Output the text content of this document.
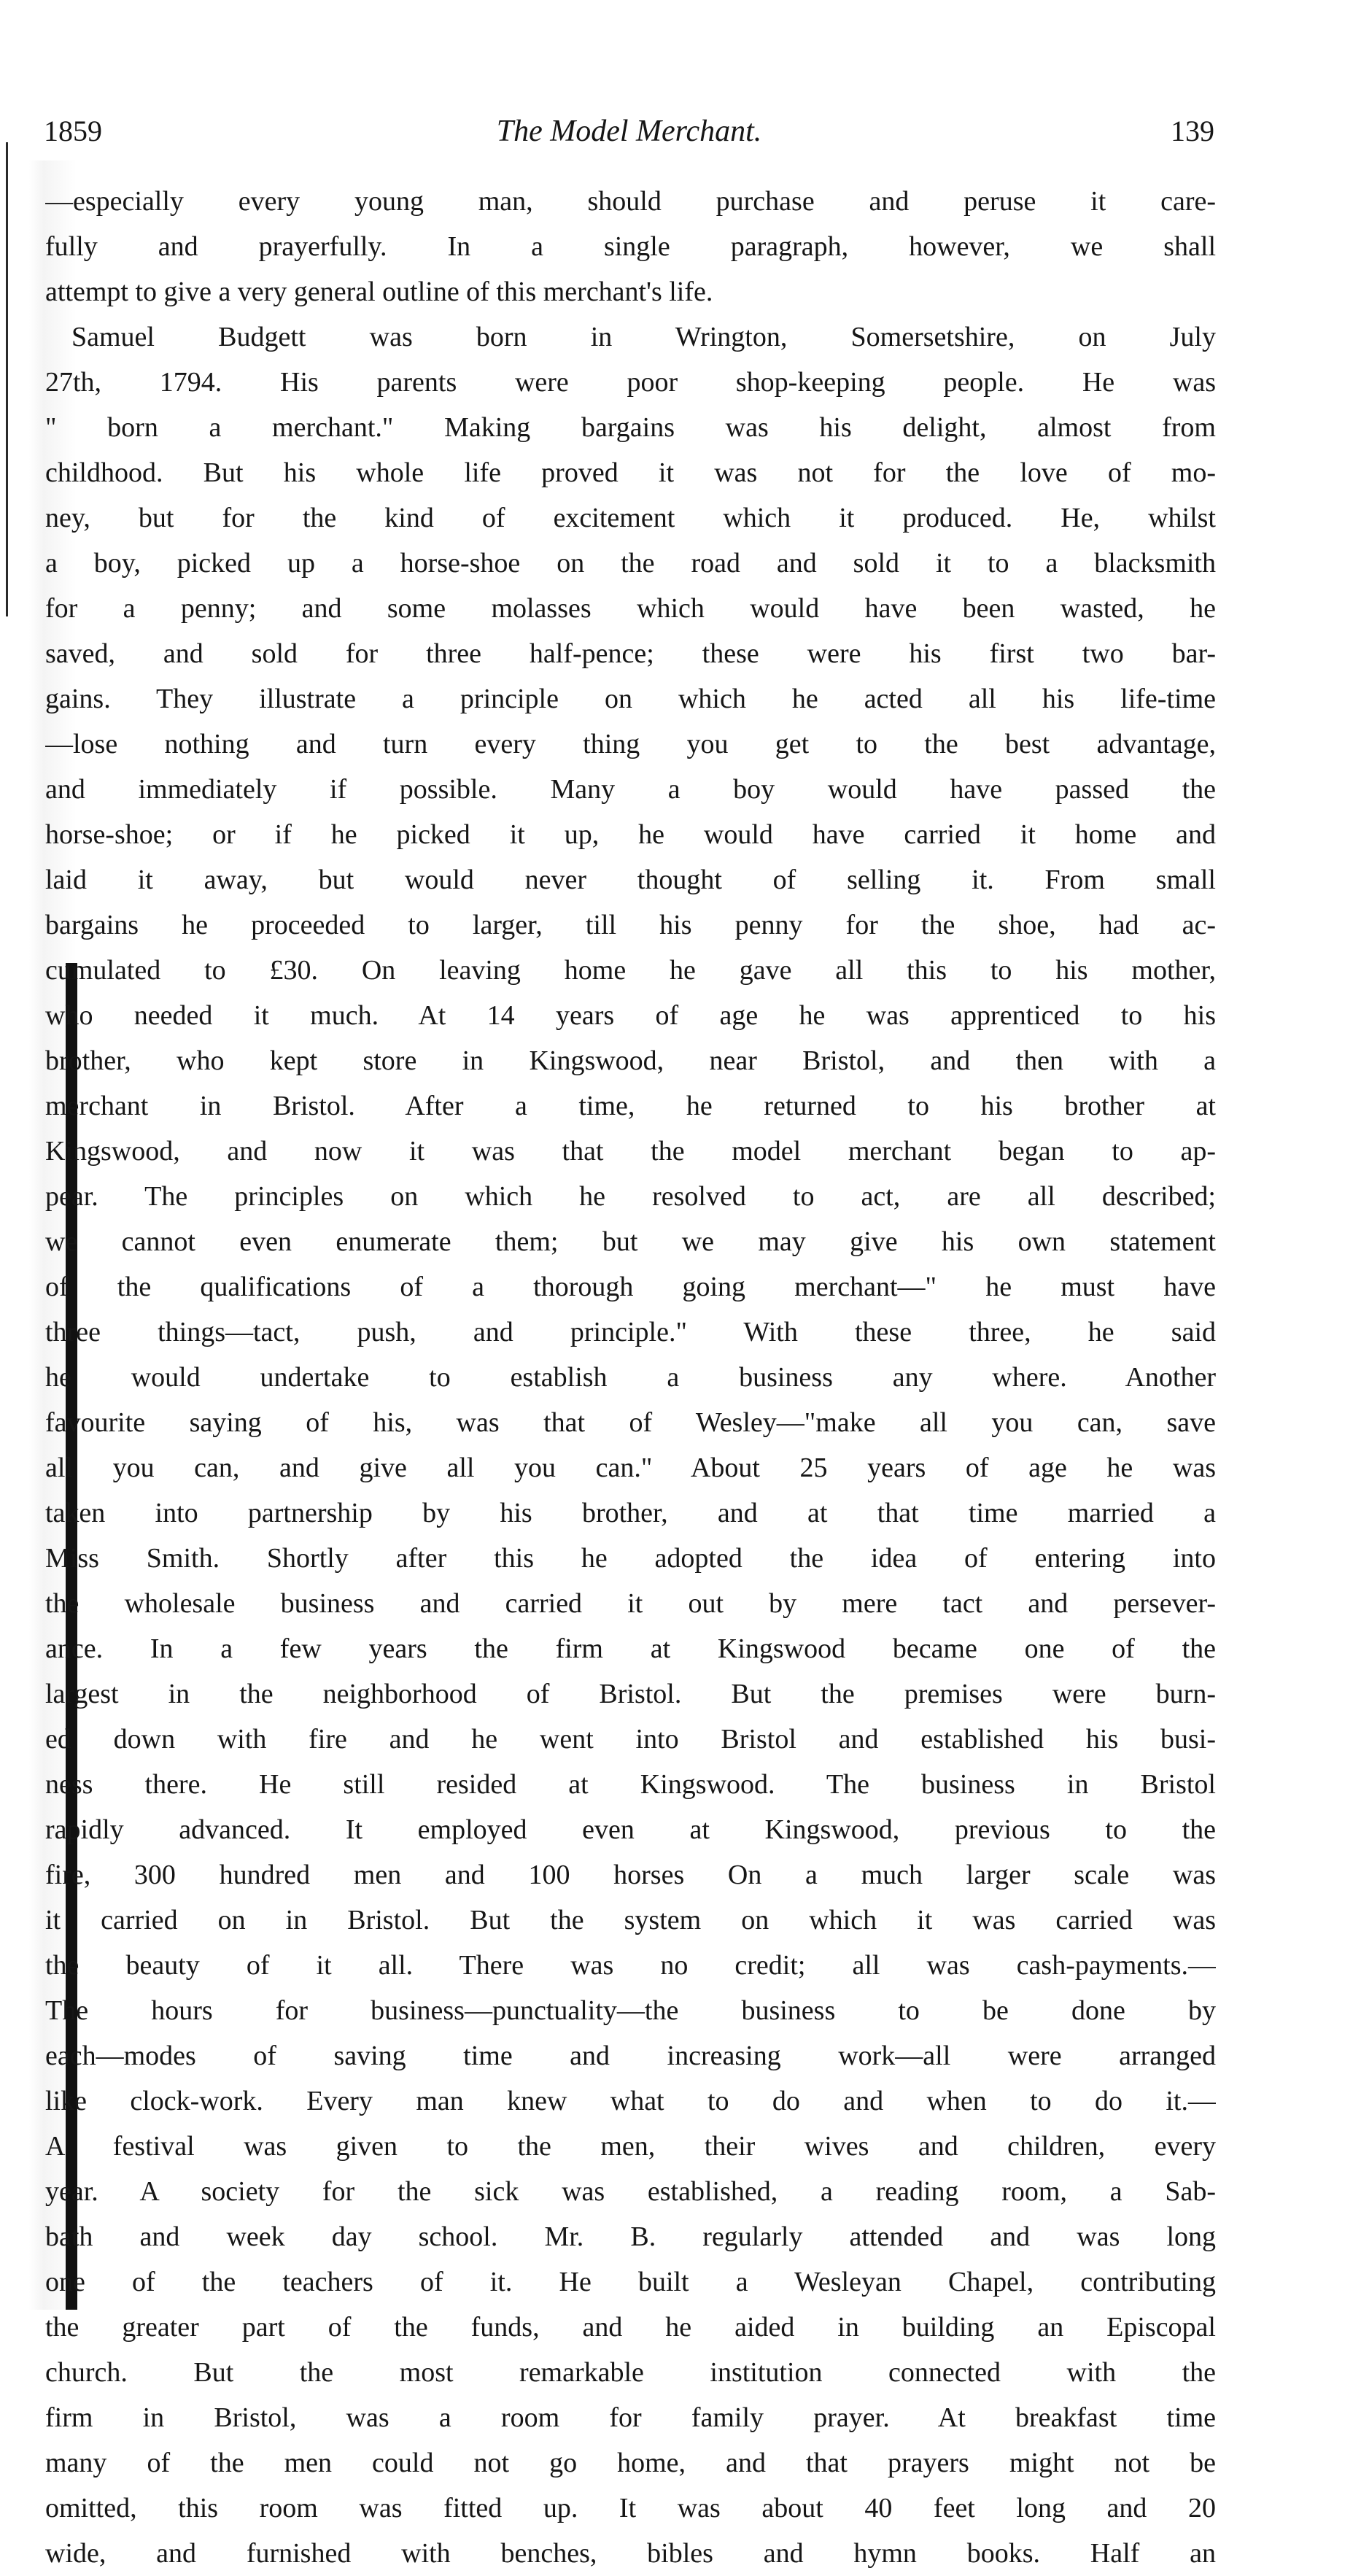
1859	The Model Merchant.	139
—especially every young man, should purchase and peruse it care-
fully and prayerfully. In a single paragraph, however, we shall
attempt to give a very general outline of this merchant's life.
Samuel Budgett was born in Wrington, Somersetshire, on July
27th, 1794. His parents were poor shop-keeping people. He was
" born a merchant." Making bargains was his delight, almost from
childhood. But his whole life proved it was not for the love of mo-
ney, but for the kind of excitement which it produced. He, whilst
a boy, picked up a horse-shoe on the road and sold it to a blacksmith
for a penny; and some molasses which would have been wasted, he
saved, and sold for three half-pence; these were his first two bar-
gains. They illustrate a principle on which he acted all his life-time
—lose nothing and turn every thing you get to the best advantage,
and immediately if possible. Many a boy would have passed the
horse-shoe; or if he picked it up, he would have carried it home and
laid it away, but would never thought of selling it. From small
bargains he proceeded to larger, till his penny for the shoe, had ac-
cumulated to £30. On leaving home he gave all this to his mother,
who needed it much. At 14 years of age he was apprenticed to his
brother, who kept store in Kingswood, near Bristol, and then with a
merchant in Bristol. After a time, he returned to his brother at
Kingswood, and now it was that the model merchant began to ap-
pear. The principles on which he resolved to act, are all described;
we cannot even enumerate them; but we may give his own statement
of the qualifications of a thorough going merchant—" he must have
three things—tact, push, and principle." With these three, he said
he would undertake to establish a business any where. Another
favourite saying of his, was that of Wesley—"make all you can, save
all you can, and give all you can." About 25 years of age he was
taken into partnership by his brother, and at that time married a
Miss Smith. Shortly after this he adopted the idea of entering into
the wholesale business and carried it out by mere tact and persever-
ance. In a few years the firm at Kingswood became one of the
largest in the neighborhood of Bristol. But the premises were burn-
ed down with fire and he went into Bristol and established his busi-
ness there. He still resided at Kingswood. The business in Bristol
rapidly advanced. It employed even at Kingswood, previous to the
fire, 300 hundred men and 100 horses On a much larger scale was
it carried on in Bristol. But the system on which it was carried was
the beauty of it all. There was no credit; all was cash-payments.—
The hours for business—punctuality—the business to be done by
each—modes of saving time and increasing work—all were arranged
like clock-work. Every man knew what to do and when to do it.—
A festival was given to the men, their wives and children, every
year. A society for the sick was established, a reading room, a Sab-
bath and week day school. Mr. B. regularly attended and was long
one of the teachers of it. He built a Wesleyan Chapel, contributing
the greater part of the funds, and he aided in building an Episcopal
church. But the most remarkable institution connected with the
firm in Bristol, was a room for family prayer. At breakfast time
many of the men could not go home, and that prayers might not be
omitted, this room was fitted up. It was about 40 feet long and 20
wide, and furnished with benches, bibles and hymn books. Half an
